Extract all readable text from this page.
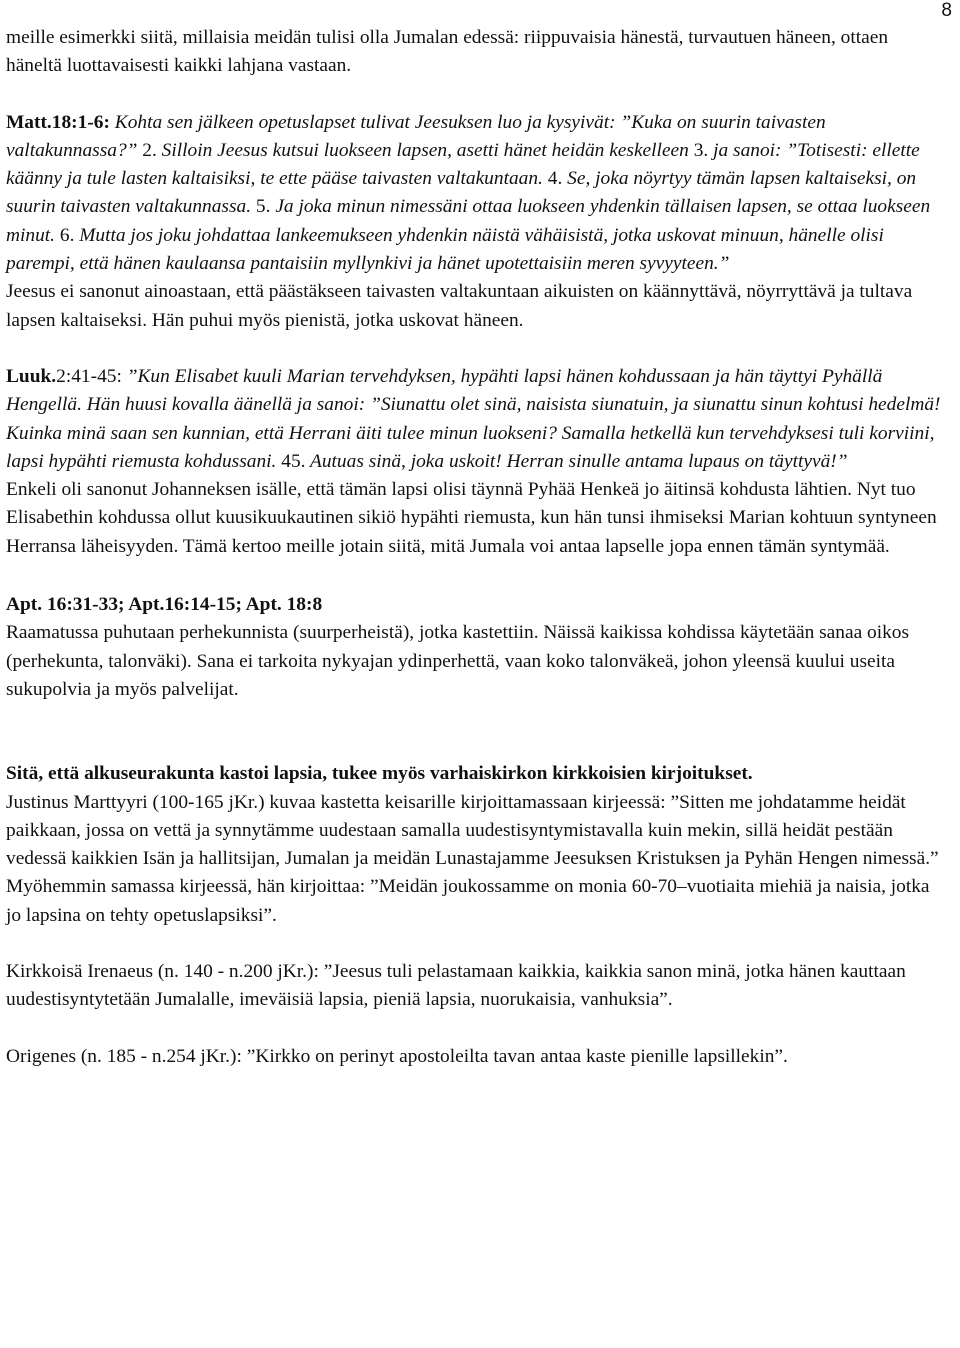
8

meille esimerkki siitä, millaisia meidän tulisi olla Jumalan edessä: riippuvaisia hänestä, turvautuen häneen, ottaen häneltä luottavaisesti kaikki lahjana vastaan.

Matt.18:1-6: Kohta sen jälkeen opetuslapset tulivat Jeesuksen luo ja kysyivät: ”Kuka on suurin taivasten valtakunnassa?” 2. Silloin Jeesus kutsui luokseen lapsen, asetti hänet heidän keskelleen 3. ja sanoi: ”Totisesti: ellette käänny ja tule lasten kaltaisiksi, te ette pääse taivasten valtakuntaan. 4. Se, joka nöyrtyy tämän lapsen kaltaiseksi, on suurin taivasten valtakunnassa. 5. Ja joka minun nimessäni ottaa luokseen yhdenkin tällaisen lapsen, se ottaa luokseen minut. 6. Mutta jos joku johdattaa lankeemukseen yhdenkin näistä vähäisistä, jotka uskovat minuun, hänelle olisi parempi, että hänen kaulaansa pantaisiin myllynkivi ja hänet upotettaisiin meren syvyyteen.”

Jeesus ei sanonut ainoastaan, että päästäkseen taivasten valtakuntaan aikuisten on käännyttävä, nöyrryttävä ja tultava lapsen kaltaiseksi. Hän puhui myös pienistä, jotka uskovat häneen.

Luuk.2:41-45: ”Kun Elisabet kuuli Marian tervehdyksen, hypähti lapsi hänen kohdussaan ja hän täyttyi Pyhällä Hengellä. Hän huusi kovalla äänellä ja sanoi: ”Siunattu olet sinä, naisista siunatuin, ja siunattu sinun kohtusi hedelmä! Kuinka minä saan sen kunnian, että Herrani äiti tulee minun luokseni? Samalla hetkellä kun tervehdyksesi tuli korviini, lapsi hypähti riemusta kohdussani. 45. Autuas sinä, joka uskoit! Herran sinulle antama lupaus on täyttyvä!”

Enkeli oli sanonut Johanneksen isälle, että tämän lapsi olisi täynnä Pyhää Henkeä jo äitinsä kohdusta lähtien. Nyt tuo Elisabethin kohdussa ollut kuusikuukautinen sikiö hypähti riemusta, kun hän tunsi ihmiseksi Marian kohtuun syntyneen Herransa läheisyyden. Tämä kertoo meille jotain siitä, mitä Jumala voi antaa lapselle jopa ennen tämän syntymää.

Apt. 16:31-33; Apt.16:14-15; Apt. 18:8

Raamatussa puhutaan perhekunnista (suurperheistä), jotka kastettiin. Näissä kaikissa kohdissa käytetään sanaa oikos (perhekunta, talonväki). Sana ei tarkoita nykyajan ydinperhettä, vaan koko talonväkeä, johon yleensä kuului useita sukupolvia ja myös palvelijat.

Sitä, että alkuseurakunta kastoi lapsia, tukee myös varhaiskirkon kirkkoisien kirjoitukset.

Justinus Marttyyri (100-165 jKr.) kuvaa kastetta keisarille kirjoittamassaan kirjeessä: ”Sitten me johdatamme heidät paikkaan, jossa on vettä ja synnytämme uudestaan samalla uudestisyntymistavalla kuin mekin, sillä heidät pestään vedessä kaikkien Isän ja hallitsijan, Jumalan ja meidän Lunastajamme Jeesuksen Kristuksen ja Pyhän Hengen nimessä.”

Myöhemmin samassa kirjeessä, hän kirjoittaa: ”Meidän joukossamme on monia 60-70–vuotiaita miehiä ja naisia, jotka jo lapsina on tehty opetuslapsiksi”.

Kirkkoisä Irenaeus (n. 140 - n.200 jKr.): ”Jeesus tuli pelastamaan kaikkia, kaikkia sanon minä, jotka hänen kauttaan uudestisyntytetään Jumalalle, imeväisiä lapsia, pieniä lapsia, nuorukaisia, vanhuksia”.

Origenes (n. 185 - n.254 jKr.): ”Kirkko on perinyt apostoleilta tavan antaa kaste pienille lapsillekin”.
